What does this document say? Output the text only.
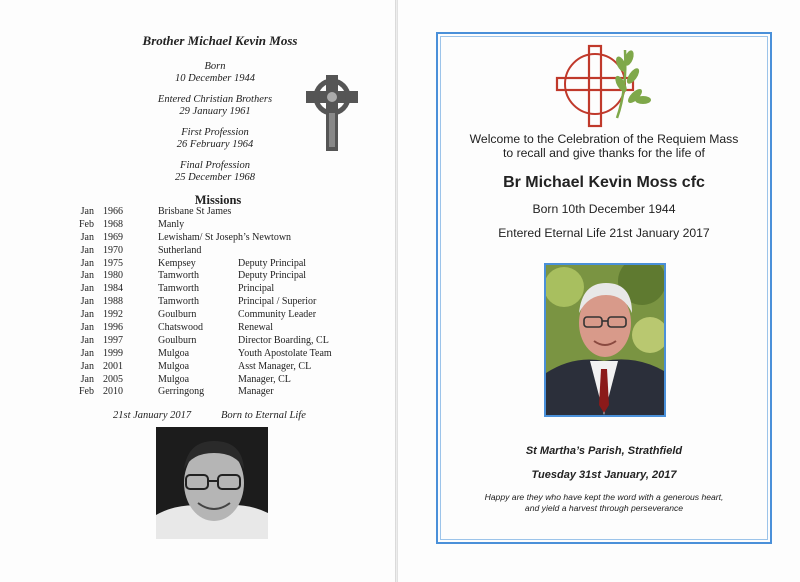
Brother Michael Kevin Moss
Born
10 December 1944
Entered Christian Brothers
29 January 1961
First Profession
26 February 1964
Final Profession
25 December 1968
Missions
Jan 1966	Brisbane St James
Feb 1968	Manly
Jan 1969	Lewisham/ St Joseph’s Newtown
Jan 1970	Sutherland
Jan 1975	Kempsey	Deputy Principal
Jan 1980	Tamworth	Deputy Principal
Jan 1984	Tamworth	Principal
Jan 1988	Tamworth	Principal / Superior
Jan 1992	Goulburn	Community Leader
Jan 1996	Chatswood	Renewal
Jan 1997	Goulburn	Director Boarding, CL
Jan 1999	Mulgoa	Youth Apostolate Team
Jan 2001	Mulgoa	Asst Manager, CL
Jan 2005	Mulgoa	Manager, CL
Feb 2010	Gerringong	Manager
21st January 2017	Born to Eternal Life
Welcome to the Celebration of the Requiem Mass
to recall and give thanks for the life of
Br Michael Kevin Moss cfc
Born 10th December 1944
Entered Eternal Life 21st January 2017
St Martha’s Parish, Strathfield
Tuesday 31st January, 2017
Happy are they who have kept the word with a generous heart,
and yield a harvest through perseverance
